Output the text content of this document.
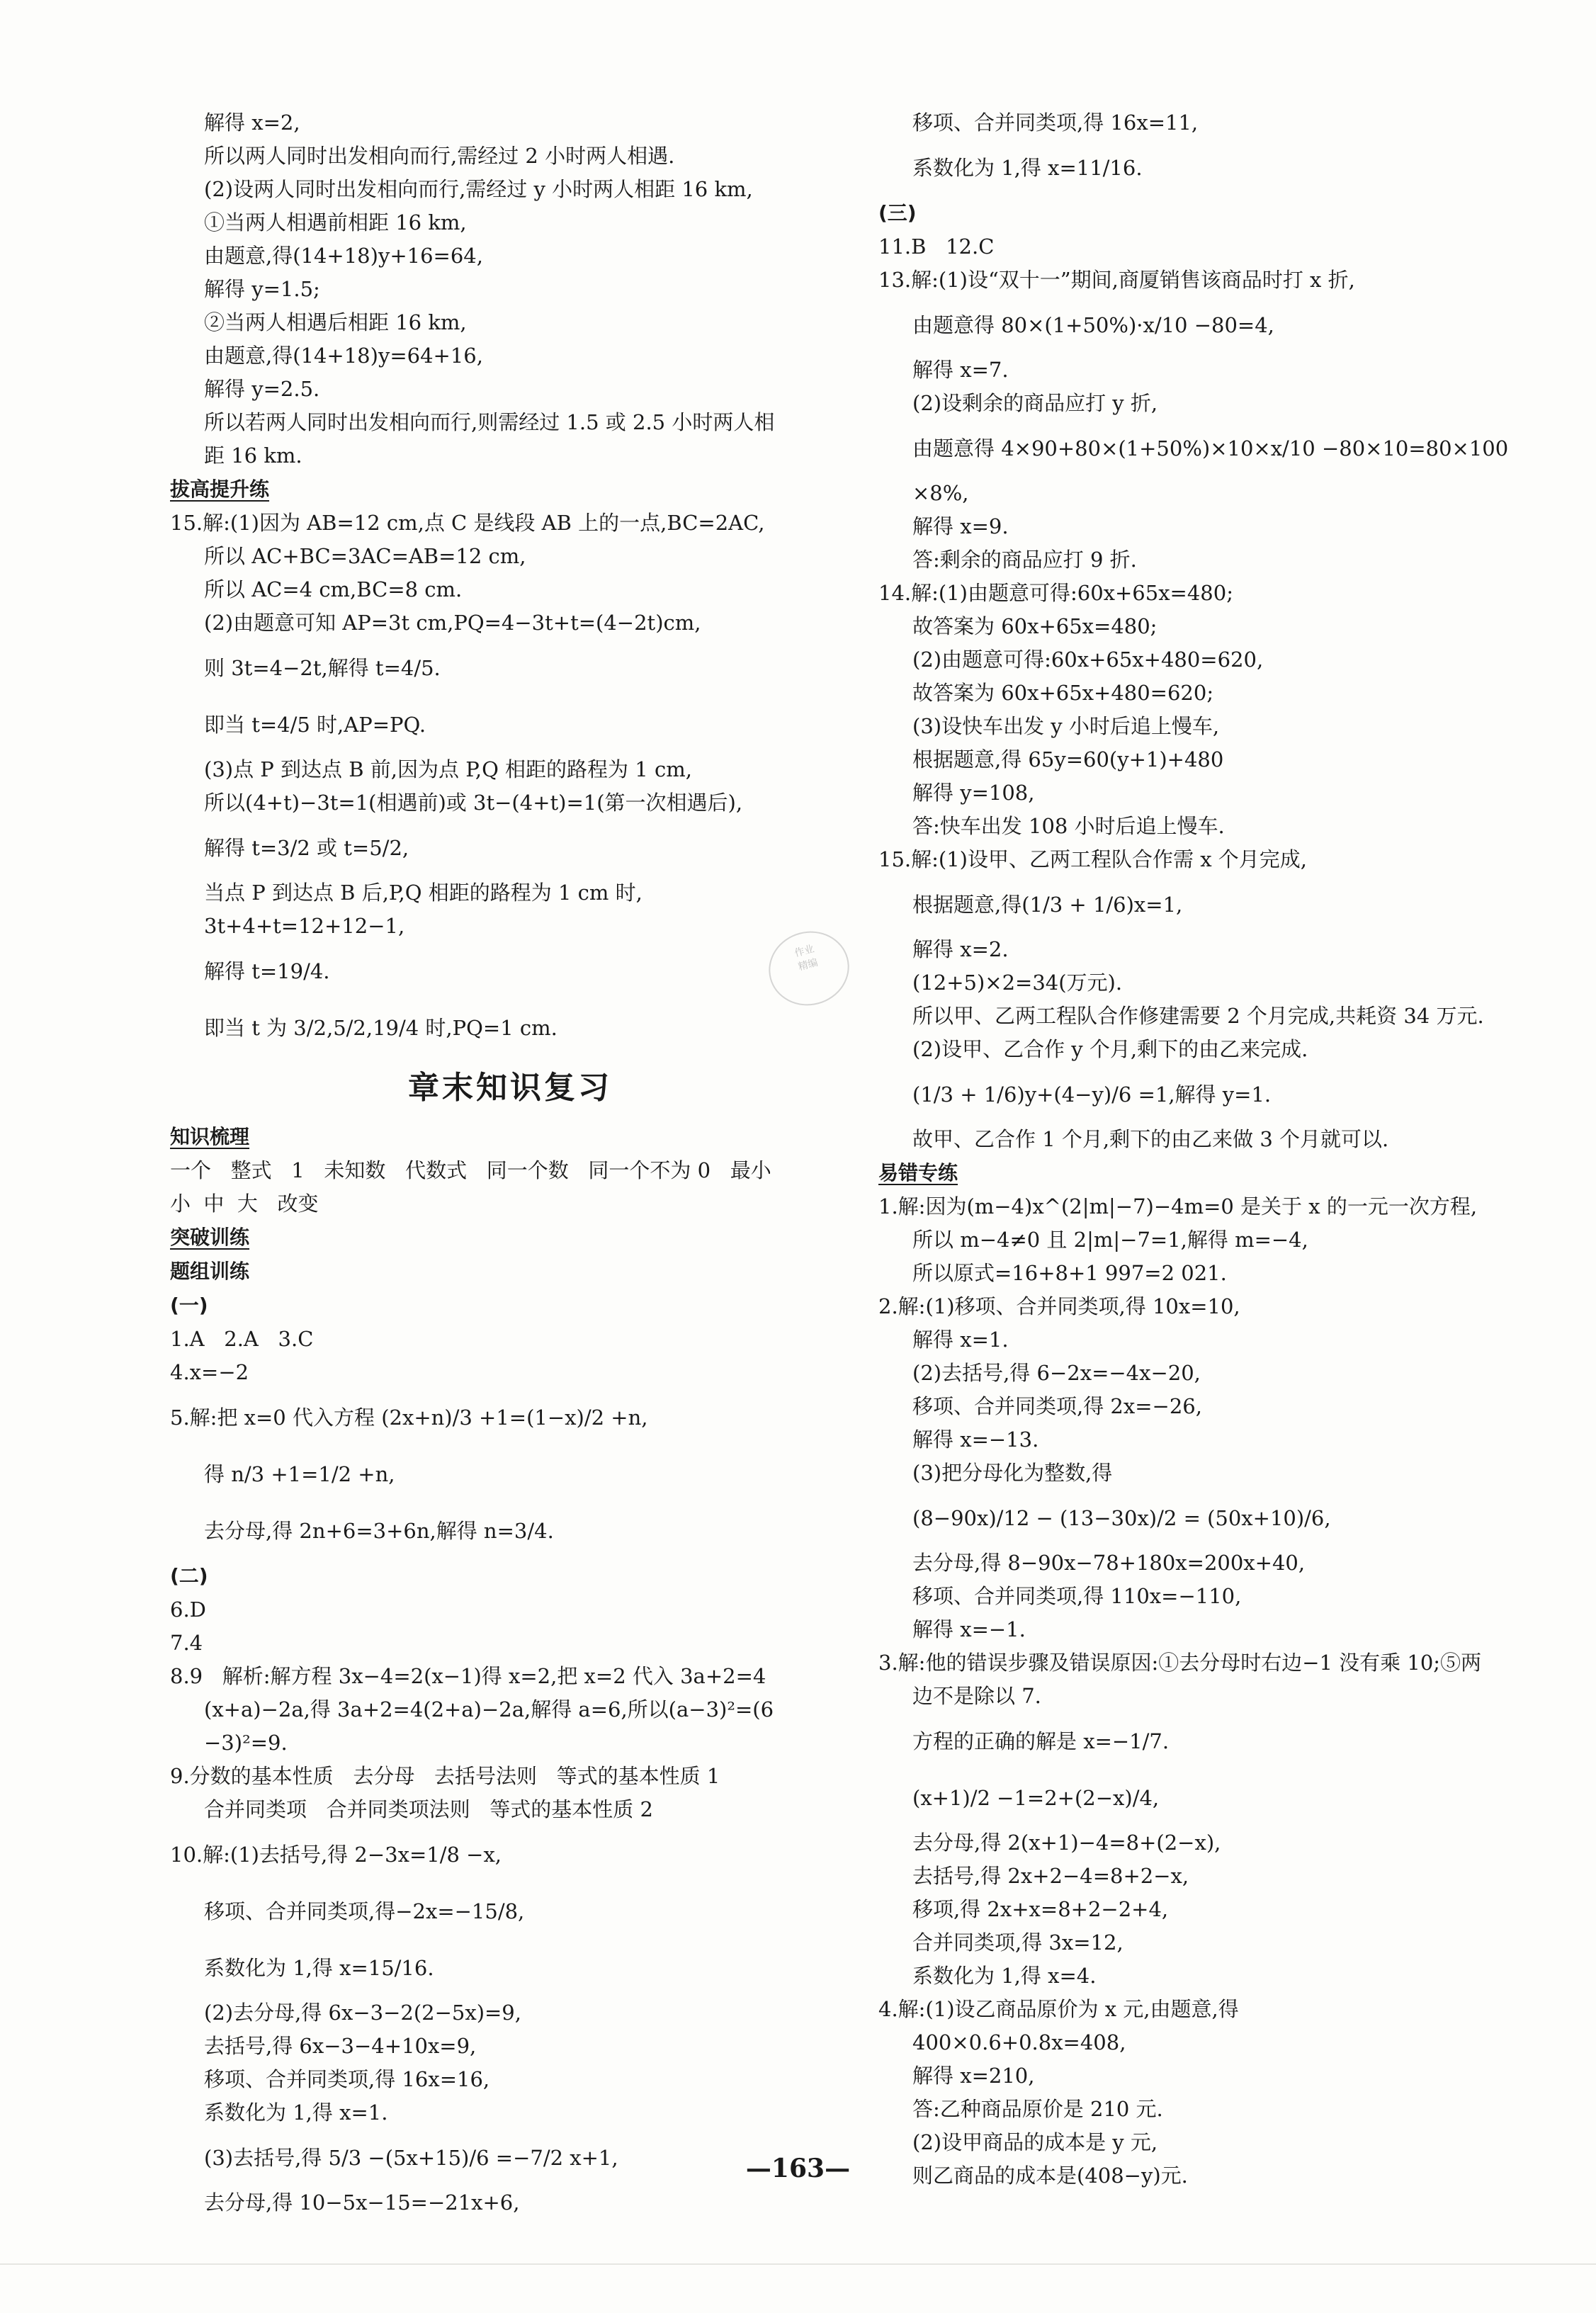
解得 x=2,
所以两人同时出发相向而行,需经过 2 小时两人相遇.
(2)设两人同时出发相向而行,需经过 y 小时两人相距 16 km,
①当两人相遇前相距 16 km,
由题意,得(14+18)y+16=64,
解得 y=1.5;
②当两人相遇后相距 16 km,
由题意,得(14+18)y=64+16,
解得 y=2.5.
所以若两人同时出发相向而行,则需经过 1.5 或 2.5 小时两人相
距 16 km.
拔高提升练
15.解:(1)因为 AB=12 cm,点 C 是线段 AB 上的一点,BC=2AC,
所以 AC+BC=3AC=AB=12 cm,
所以 AC=4 cm,BC=8 cm.
(2)由题意可知 AP=3t cm,PQ=4−3t+t=(4−2t)cm,
则 3t=4−2t,解得 t=4/5.
即当 t=4/5 时,AP=PQ.
(3)点 P 到达点 B 前,因为点 P,Q 相距的路程为 1 cm,
所以(4+t)−3t=1(相遇前)或 3t−(4+t)=1(第一次相遇后),
解得 t=3/2 或 t=5/2,
当点 P 到达点 B 后,P,Q 相距的路程为 1 cm 时,
3t+4+t=12+12−1,
解得 t=19/4.
即当 t 为 3/2,5/2,19/4 时,PQ=1 cm.
章末知识复习
知识梳理
一个   整式   1   未知数   代数式   同一个数   同一个不为 0   最小
小  中  大   改变
突破训练
题组训练
(一)
1.A   2.A   3.C
4.x=−2
5.解:把 x=0 代入方程 (2x+n)/3 +1=(1−x)/2 +n,
得 n/3 +1=1/2 +n,
去分母,得 2n+6=3+6n,解得 n=3/4.
(二)
6.D
7.4
8.9   解析:解方程 3x−4=2(x−1)得 x=2,把 x=2 代入 3a+2=4
(x+a)−2a,得 3a+2=4(2+a)−2a,解得 a=6,所以(a−3)²=(6
−3)²=9.
9.分数的基本性质   去分母   去括号法则   等式的基本性质 1
合并同类项   合并同类项法则   等式的基本性质 2
10.解:(1)去括号,得 2−3x=1/8 −x,
移项、合并同类项,得−2x=−15/8,
系数化为 1,得 x=15/16.
(2)去分母,得 6x−3−2(2−5x)=9,
去括号,得 6x−3−4+10x=9,
移项、合并同类项,得 16x=16,
系数化为 1,得 x=1.
(3)去括号,得 5/3 −(5x+15)/6 =−7/2 x+1,
去分母,得 10−5x−15=−21x+6,
移项、合并同类项,得 16x=11,
系数化为 1,得 x=11/16.
(三)
11.B   12.C
13.解:(1)设“双十一”期间,商厦销售该商品时打 x 折,
由题意得 80×(1+50%)·x/10 −80=4,
解得 x=7.
(2)设剩余的商品应打 y 折,
由题意得 4×90+80×(1+50%)×10×x/10 −80×10=80×100
×8%,
解得 x=9.
答:剩余的商品应打 9 折.
14.解:(1)由题意可得:60x+65x=480;
故答案为 60x+65x=480;
(2)由题意可得:60x+65x+480=620,
故答案为 60x+65x+480=620;
(3)设快车出发 y 小时后追上慢车,
根据题意,得 65y=60(y+1)+480
解得 y=108,
答:快车出发 108 小时后追上慢车.
15.解:(1)设甲、乙两工程队合作需 x 个月完成,
根据题意,得(1/3 + 1/6)x=1,
解得 x=2.
(12+5)×2=34(万元).
所以甲、乙两工程队合作修建需要 2 个月完成,共耗资 34 万元.
(2)设甲、乙合作 y 个月,剩下的由乙来完成.
(1/3 + 1/6)y+(4−y)/6 =1,解得 y=1.
故甲、乙合作 1 个月,剩下的由乙来做 3 个月就可以.
易错专练
1.解:因为(m−4)x^(2|m|−7)−4m=0 是关于 x 的一元一次方程,
所以 m−4≠0 且 2|m|−7=1,解得 m=−4,
所以原式=16+8+1 997=2 021.
2.解:(1)移项、合并同类项,得 10x=10,
解得 x=1.
(2)去括号,得 6−2x=−4x−20,
移项、合并同类项,得 2x=−26,
解得 x=−13.
(3)把分母化为整数,得
(8−90x)/12 − (13−30x)/2 = (50x+10)/6,
去分母,得 8−90x−78+180x=200x+40,
移项、合并同类项,得 110x=−110,
解得 x=−1.
3.解:他的错误步骤及错误原因:①去分母时右边−1 没有乘 10;⑤两
边不是除以 7.
方程的正确的解是 x=−1/7.
(x+1)/2 −1=2+(2−x)/4,
去分母,得 2(x+1)−4=8+(2−x),
去括号,得 2x+2−4=8+2−x,
移项,得 2x+x=8+2−2+4,
合并同类项,得 3x=12,
系数化为 1,得 x=4.
4.解:(1)设乙商品原价为 x 元,由题意,得
400×0.6+0.8x=408,
解得 x=210,
答:乙种商品原价是 210 元.
(2)设甲商品的成本是 y 元,
则乙商品的成本是(408−y)元.
作业
精编
—163—
